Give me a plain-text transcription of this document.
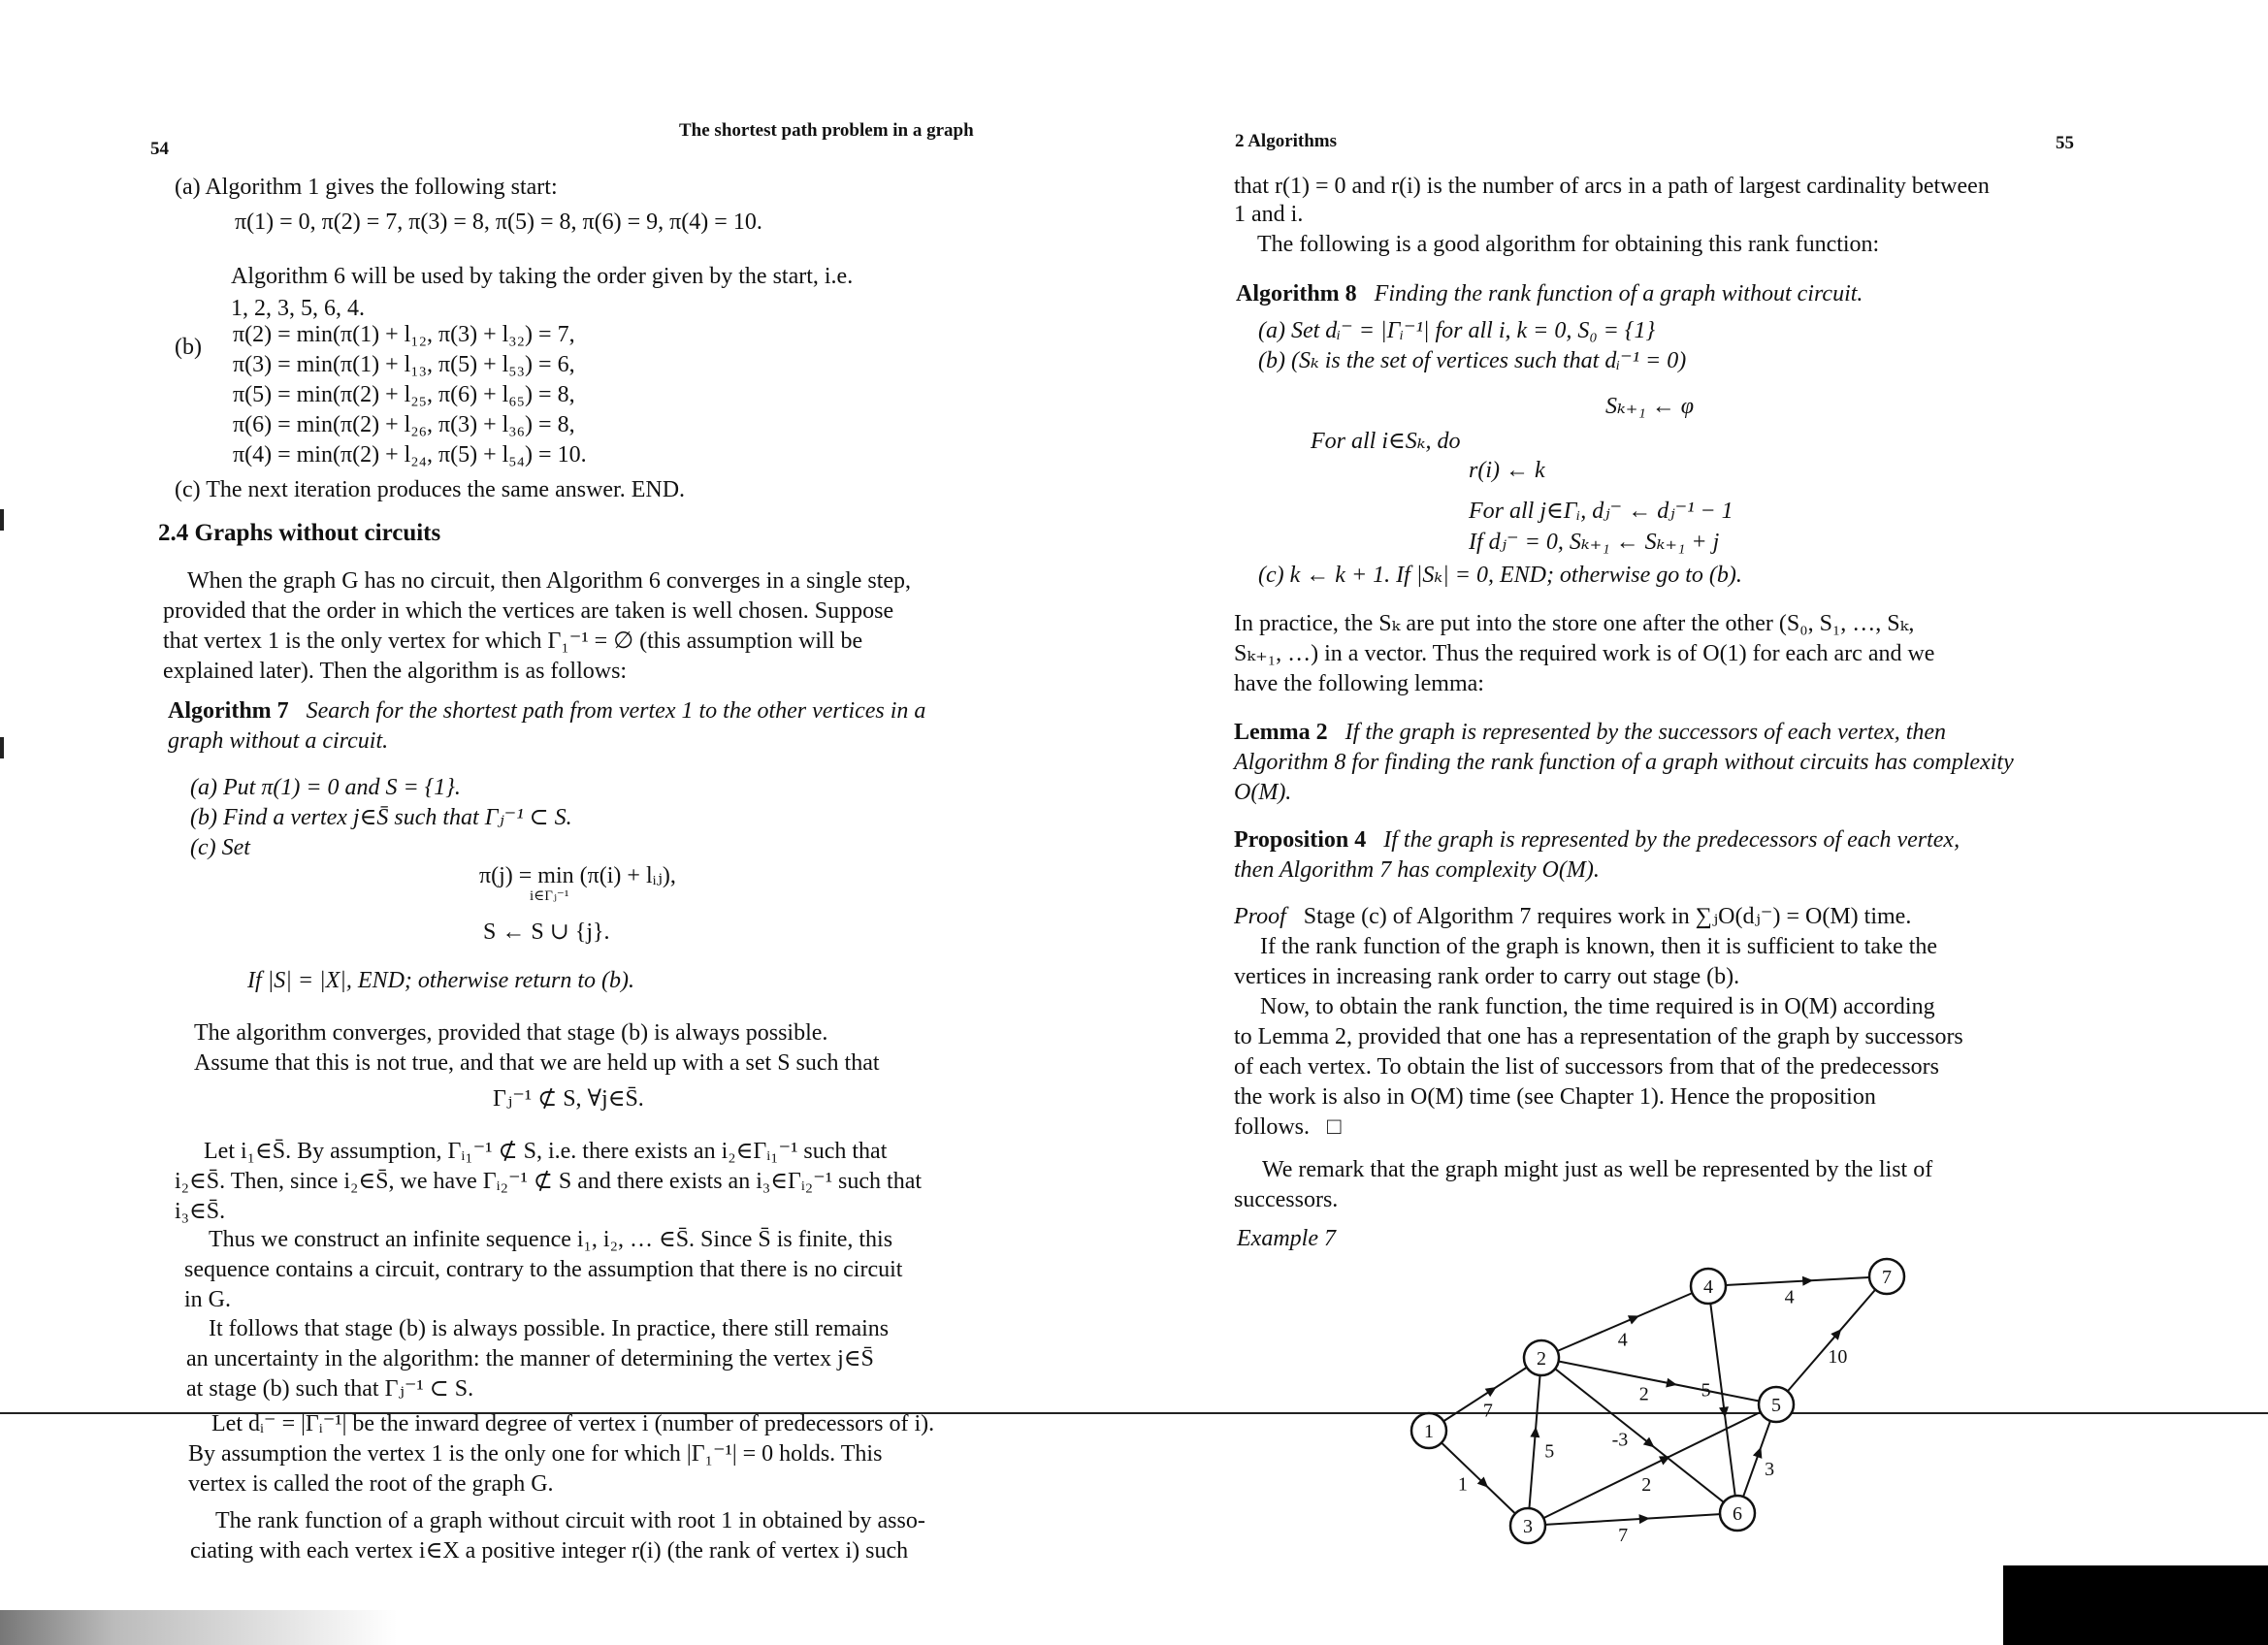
54
The shortest path problem in a graph
(a) Algorithm 1 gives the following start:
π(1) = 0, π(2) = 7, π(3) = 8, π(5) = 8, π(6) = 9, π(4) = 10.
Algorithm 6 will be used by taking the order given by the start, i.e.
1, 2, 3, 5, 6, 4.
(b) π(2) = min(π(1) + l₁₂, π(3) + l₃₂) = 7,
π(3) = min(π(1) + l₁₃, π(5) + l₅₃) = 6,
π(5) = min(π(2) + l₂₅, π(6) + l₆₅) = 8,
π(6) = min(π(2) + l₂₆, π(3) + l₃₆) = 8,
π(4) = min(π(2) + l₂₄, π(5) + l₅₄) = 10.
(c) The next iteration produces the same answer. END.
2.4 Graphs without circuits
When the graph G has no circuit, then Algorithm 6 converges in a single step,
provided that the order in which the vertices are taken is well chosen. Suppose
that vertex 1 is the only vertex for which Γ₁⁻¹ = ∅ (this assumption will be
explained later). Then the algorithm is as follows:
Algorithm 7 Search for the shortest path from vertex 1 to the other vertices in a
graph without a circuit.
(a) Put π(1) = 0 and S = {1}.
(b) Find a vertex j∈S̄ such that Γⱼ⁻¹ ⊂ S.
(c) Set
π(j) = min (π(i) + lᵢⱼ),
i∈Γⱼ⁻¹
S ← S ∪ {j}.
If |S| = |X|, END; otherwise return to (b).
The algorithm converges, provided that stage (b) is always possible.
Assume that this is not true, and that we are held up with a set S such that
Γⱼ⁻¹ ⊄ S, ∀j∈S̄.
Let i₁∈S̄. By assumption, Γᵢ₁⁻¹ ⊄ S, i.e. there exists an i₂∈Γᵢ₁⁻¹ such that
i₂∈S̄. Then, since i₂∈S̄, we have Γᵢ₂⁻¹ ⊄ S and there exists an i₃∈Γᵢ₂⁻¹ such that
i₃∈S̄.
Thus we construct an infinite sequence i₁, i₂, … ∈S̄. Since S̄ is finite, this
sequence contains a circuit, contrary to the assumption that there is no circuit
in G.
It follows that stage (b) is always possible. In practice, there still remains
an uncertainty in the algorithm: the manner of determining the vertex j∈S̄
at stage (b) such that Γⱼ⁻¹ ⊂ S.
Let dᵢ⁻ = |Γᵢ⁻¹| be the inward degree of vertex i (number of predecessors of i).
By assumption the vertex 1 is the only one for which |Γ₁⁻¹| = 0 holds. This
vertex is called the root of the graph G.
The rank function of a graph without circuit with root 1 in obtained by asso-
ciating with each vertex i∈X a positive integer r(i) (the rank of vertex i) such
2 Algorithms	55
that r(1) = 0 and r(i) is the number of arcs in a path of largest cardinality between
1 and i.
The following is a good algorithm for obtaining this rank function:
Algorithm 8 Finding the rank function of a graph without circuit.
(a) Set dᵢ⁻ = |Γᵢ⁻¹| for all i, k = 0, S₀ = {1}
(b) (Sₖ is the set of vertices such that dᵢ⁻¹ = 0)
Sₖ₊₁ ← φ
For all i∈Sₖ, do
r(i) ← k
For all j∈Γᵢ, dⱼ⁻ ← dⱼ⁻¹ − 1
If dⱼ⁻ = 0, Sₖ₊₁ ← Sₖ₊₁ + j
(c) k ← k + 1. If |Sₖ| = 0, END; otherwise go to (b).
In practice, the Sₖ are put into the store one after the other (S₀, S₁, …, Sₖ,
Sₖ₊₁, …) in a vector. Thus the required work is of O(1) for each arc and we
have the following lemma:
Lemma 2 If the graph is represented by the successors of each vertex, then
Algorithm 8 for finding the rank function of a graph without circuits has complexity
O(M).
Proposition 4 If the graph is represented by the predecessors of each vertex,
then Algorithm 7 has complexity O(M).
Proof Stage (c) of Algorithm 7 requires work in ∑ⱼO(dⱼ⁻) = O(M) time.
If the rank function of the graph is known, then it is sufficient to take the
vertices in increasing rank order to carry out stage (b).
Now, to obtain the rank function, the time required is in O(M) according
to Lemma 2, provided that one has a representation of the graph by successors
of each vertex. To obtain the list of successors from that of the predecessors
the work is also in O(M) time (see Chapter 1). Hence the proposition
follows. □
We remark that the graph might just as well be represented by the list of
successors.
Example 7
7
1
5
4
2
-3
2
7
4
5
10
3
1
2
3
4
5
6
7
